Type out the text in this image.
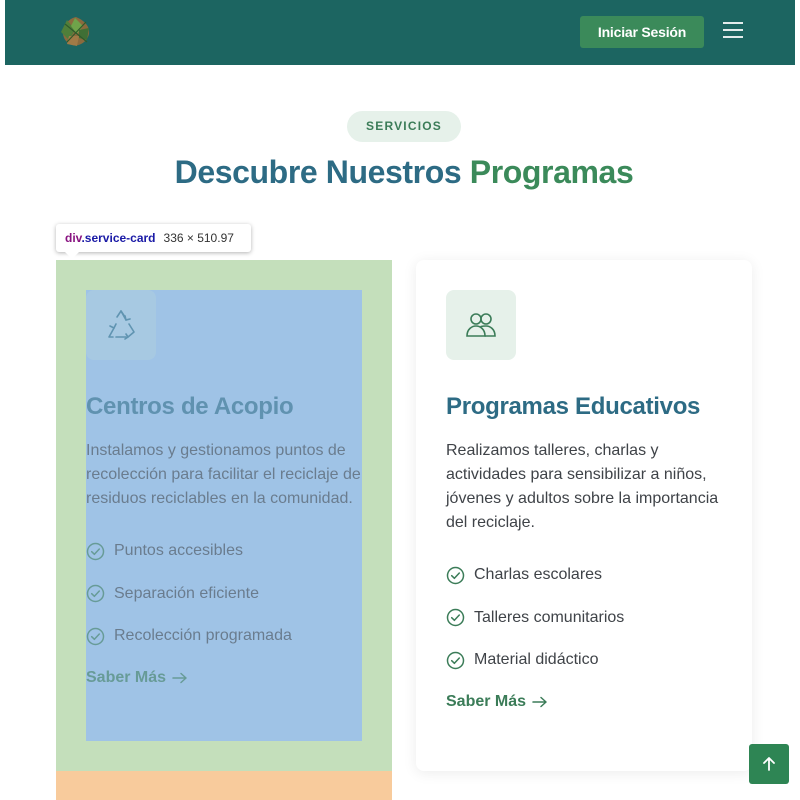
Iniciar Sesión
SERVICIOS
Descubre Nuestros Programas
Centros de Acopio

Instalamos y gestionamos puntos de recolección para facilitar el reciclaje de residuos reciclables en la comunidad.

Puntos accesibles
Separación eficiente
Recolección programada
Saber Más
Programas Educativos

Realizamos talleres, charlas y actividades para sensibilizar a niños, jóvenes y adultos sobre la importancia del reciclaje.

Charlas escolares
Talleres comunitarios
Material didáctico
Saber Más
div.service-card 336 × 510.97
